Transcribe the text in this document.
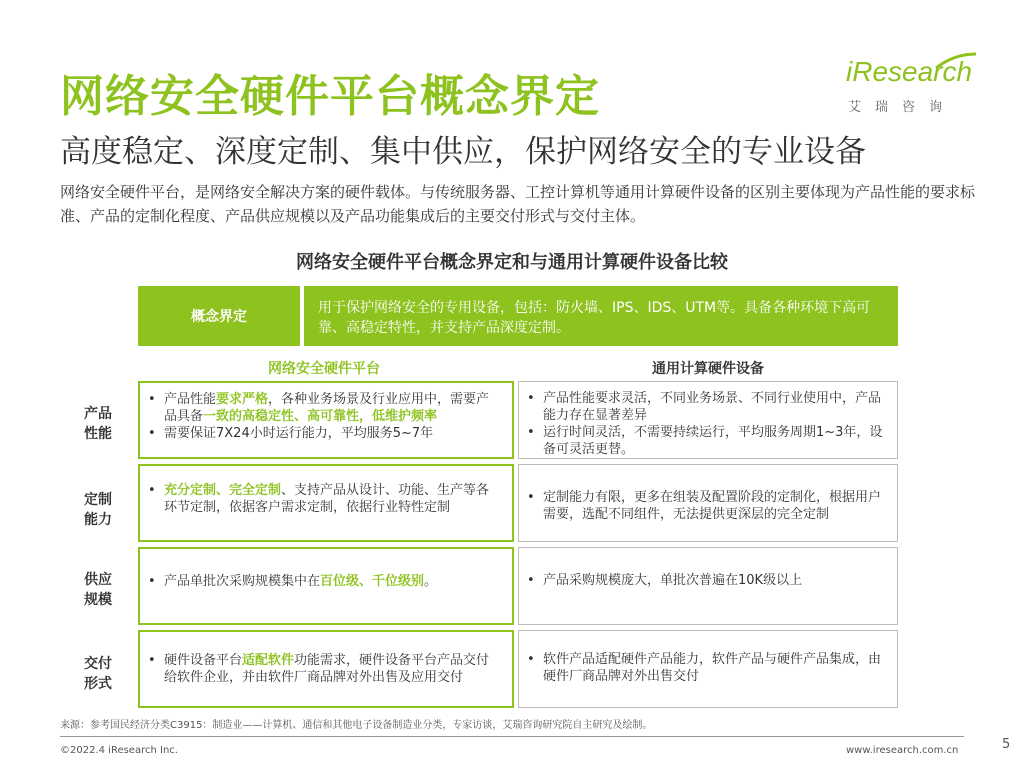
网络安全硬件平台概念界定	iResearch
艾瑞咨询
高度稳定、深度定制、集中供应，保护网络安全的专业设备
网络安全硬件平台，是网络安全解决方案的硬件载体。与传统服务器、工控计算机等通用计算硬件设备的区别主要体现为产品性能的要求标准、产品的定制化程度、产品供应规模以及产品功能集成后的主要交付形式与交付主体。
网络安全硬件平台概念界定和与通用计算硬件设备比较
概念界定
用于保护网络安全的专用设备，包括：防火墙、IPS、IDS、UTM等。具备各种环境下高可靠、高稳定特性，并支持产品深度定制。
网络安全硬件平台	通用计算硬件设备
产品性能
• 产品性能要求严格，各种业务场景及行业应用中，需要产品具备一致的高稳定性、高可靠性，低维护频率
• 需要保证7X24小时运行能力，平均服务5~7年
• 产品性能要求灵活，不同业务场景、不同行业使用中，产品能力存在显著差异
• 运行时间灵活，不需要持续运行，平均服务周期1~3年，设备可灵活更替。
定制能力
• 充分定制、完全定制、支持产品从设计、功能、生产等各环节定制，依据客户需求定制，依据行业特性定制
• 定制能力有限，更多在组装及配置阶段的定制化，根据用户需要，选配不同组件，无法提供更深层的完全定制
供应规模
• 产品单批次采购规模集中在百位级、千位级别。
•	产品采购规模庞大，单批次普遍在10K级以上
交付形式
• 硬件设备平台适配软件功能需求，硬件设备平台产品交付给软件企业，并由软件厂商品牌对外出售及应用交付
• 软件产品适配硬件产品能力，软件产品与硬件产品集成，由硬件厂商品牌对外出售交付
来源：参考国民经济分类C3915：制造业——计算机、通信和其他电子设备制造业分类，专家访谈，艾瑞咨询研究院自主研究及绘制。
©2022.4 iResearch Inc.	www.iresearch.com.cn	5
